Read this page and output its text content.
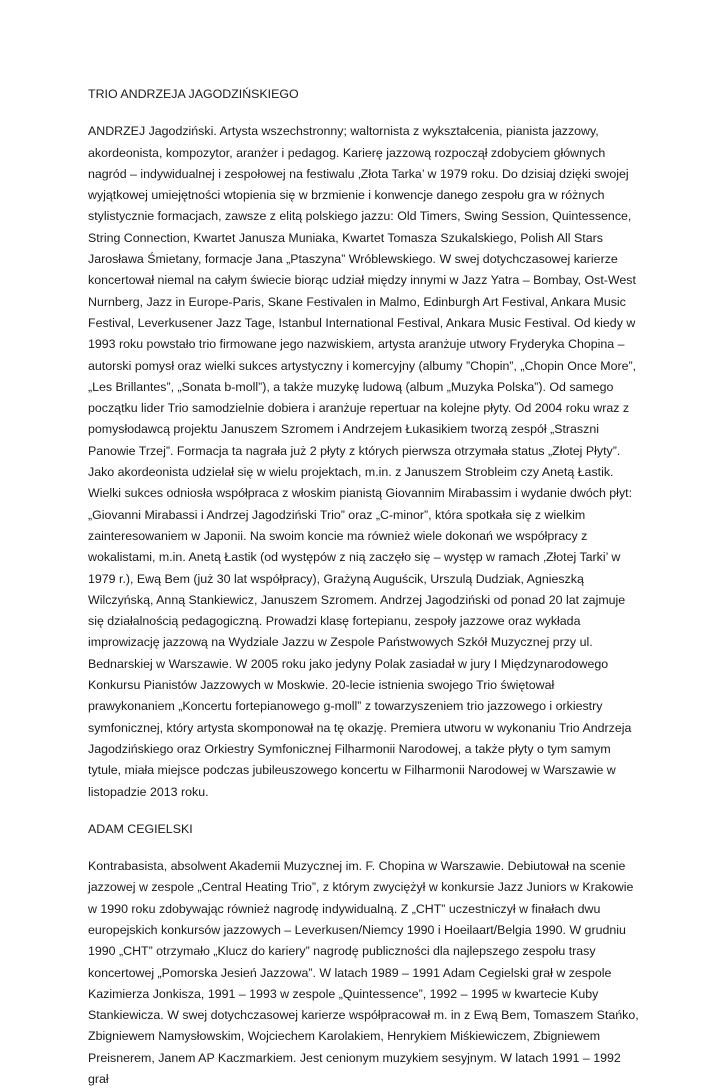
TRIO ANDRZEJA JAGODZIŃSKIEGO

ANDRZEJ Jagodziński. Artysta wszechstronny; waltornista z wykształcenia, pianista jazzowy, akordeonista, kompozytor, aranżer i pedagog. Karierę jazzową rozpoczął zdobyciem głównych nagród – indywidualnej i zespołowej na festiwalu ‚Złota Tarka’ w 1979 roku. Do dzisiaj dzięki swojej wyjątkowej umiejętności wtopienia się w brzmienie i konwencje danego zespołu gra w różnych stylistycznie formacjach, zawsze z elitą polskiego jazzu: Old Timers, Swing Session, Quintessence, String Connection, Kwartet Janusza Muniaka, Kwartet Tomasza Szukalskiego, Polish All Stars Jarosława Śmietany, formacje Jana „Ptaszyna” Wróblewskiego. W swej dotychczasowej karierze koncertował niemal na całym świecie biorąc udział między innymi w Jazz Yatra – Bombay, Ost-West Nurnberg, Jazz in Europe-Paris, Skane Festivalen in Malmo, Edinburgh Art Festival, Ankara Music Festival, Leverkusener Jazz Tage, Istanbul International Festival, Ankara Music Festival. Od kiedy w 1993 roku powstało trio firmowane jego nazwiskiem, artysta aranżuje utwory Fryderyka Chopina – autorski pomysł oraz wielki sukces artystyczny i komercyjny (albumy ”Chopin”, „Chopin Once More”, „Les Brillantes”, „Sonata b-moll”), a także muzykę ludową (album „Muzyka Polska”). Od samego początku lider Trio samodzielnie dobiera i aranżuje repertuar na kolejne płyty. Od 2004 roku wraz z pomysłodawcą projektu Januszem Szromem i Andrzejem Łukasikiem tworzą zespół „Straszni Panowie Trzej”. Formacja ta nagrała już 2 płyty z których pierwsza otrzymała status „Złotej Płyty”. Jako akordeonista udzielał się w wielu projektach, m.in. z Januszem Strobleim czy Anetą Łastik. Wielki sukces odniosła współpraca z włoskim pianistą Giovannim Mirabassim i wydanie dwóch płyt: „Giovanni Mirabassi i Andrzej Jagodziński Trio” oraz „C-minor”, która spotkała się z wielkim zainteresowaniem w Japonii. Na swoim koncie ma również wiele dokonań we współpracy z wokalistami, m.in. Anetą Łastik (od występów z nią zaczęło się – występ w ramach ‚Złotej Tarki’ w 1979 r.), Ewą Bem (już 30 lat współpracy), Grażyną Auguścik, Urszulą Dudziak, Agnieszką Wilczyńską, Anną Stankiewicz, Januszem Szromem. Andrzej Jagodziński od ponad 20 lat zajmuje się działalnością pedagogiczną. Prowadzi klasę fortepianu, zespoły jazzowe oraz wykłada improwizację jazzową na Wydziale Jazzu w Zespole Państwowych Szkół Muzycznej przy ul. Bednarskiej w Warszawie. W 2005 roku jako jedyny Polak zasiadał w jury I Międzynarodowego Konkursu Pianistów Jazzowych w Moskwie. 20-lecie istnienia swojego Trio świętował prawykonaniem „Koncertu fortepianowego g-moll” z towarzyszeniem trio jazzowego i orkiestry symfonicznej, który artysta skomponował na tę okazję. Premiera utworu w wykonaniu Trio Andrzeja Jagodzińskiego oraz Orkiestry Symfonicznej Filharmonii Narodowej, a także płyty o tym samym tytule, miała miejsce podczas jubileuszowego koncertu w Filharmonii Narodowej w Warszawie w listopadzie 2013 roku.

ADAM CEGIELSKI

Kontrabasista, absolwent Akademii Muzycznej im. F. Chopina w Warszawie. Debiutował na scenie jazzowej w zespole „Central Heating Trio”, z którym zwyciężył w konkursie Jazz Juniors w Krakowie w 1990 roku zdobywając również nagrodę indywidualną. Z „CHT” uczestniczył w finałach dwu europejskich konkursów jazzowych – Leverkusen/Niemcy 1990 i Hoeilaart/Belgia 1990. W grudniu 1990 „CHT” otrzymało „Klucz do kariery” nagrodę publiczności dla najlepszego zespołu trasy koncertowej „Pomorska Jesień Jazzowa”. W latach 1989 – 1991 Adam Cegielski grał w zespole Kazimierza Jonkisza, 1991 – 1993 w zespole „Quintessence”, 1992 – 1995 w kwartecie Kuby Stankiewicza. W swej dotychczasowej karierze współpracował m. in z Ewą Bem, Tomaszem Stańko, Zbigniewem Namysłowskim, Wojciechem Karolakiem, Henrykiem Miśkiewiczem, Zbigniewem Preisnerem, Janem AP Kaczmarkiem. Jest cenionym muzykiem sesyjnym. W latach 1991 – 1992 grał
